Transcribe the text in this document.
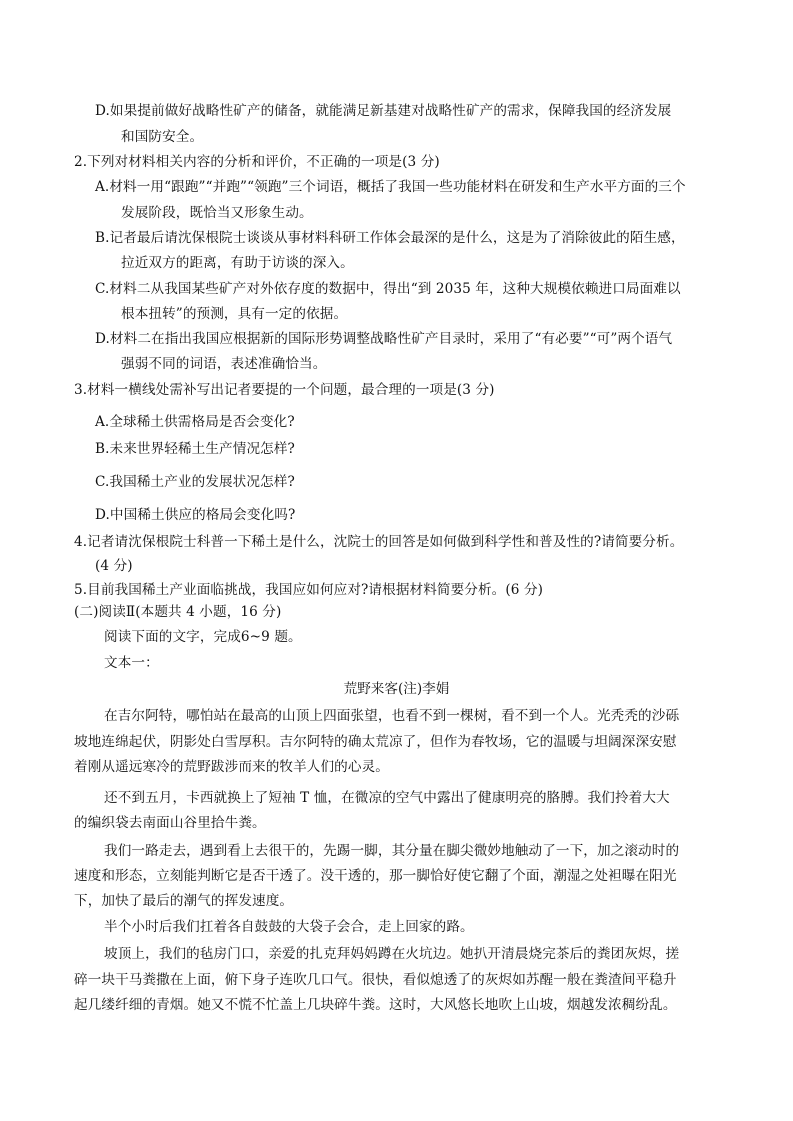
D.如果提前做好战略性矿产的储备，就能满足新基建对战略性矿产的需求，保障我国的经济发展
和国防安全。
2.下列对材料相关内容的分析和评价，不正确的一项是(3 分)
A.材料一用“跟跑”“并跑”“领跑”三个词语，概括了我国一些功能材料在研发和生产水平方面的三个
发展阶段，既恰当又形象生动。
B.记者最后请沈保根院士谈谈从事材料科研工作体会最深的是什么，这是为了消除彼此的陌生感，
拉近双方的距离，有助于访谈的深入。
C.材料二从我国某些矿产对外依存度的数据中，得出“到 2035 年，这种大规模依赖进口局面难以
根本扭转”的预测，具有一定的依据。
D.材料二在指出我国应根据新的国际形势调整战略性矿产目录时，采用了“有必要”“可”两个语气
强弱不同的词语，表述准确恰当。
3.材料一横线处需补写出记者要提的一个问题，最合理的一项是(3 分)
A.全球稀土供需格局是否会变化?
B.未来世界轻稀土生产情况怎样?
C.我国稀土产业的发展状况怎样?
D.中国稀土供应的格局会变化吗?
4.记者请沈保根院士科普一下稀土是什么，沈院士的回答是如何做到科学性和普及性的?请简要分析。
(4 分)
5.目前我国稀土产业面临挑战，我国应如何应对?请根据材料简要分析。(6 分)
(二)阅读Ⅱ(本题共 4 小题，16 分)
阅读下面的文字，完成6~9 题。
文本一：
荒野来客(注)李娟
在吉尔阿特，哪怕站在最高的山顶上四面张望，也看不到一棵树，看不到一个人。光秃秃的沙砾
坡地连绵起伏，阴影处白雪厚积。吉尔阿特的确太荒凉了，但作为春牧场，它的温暖与坦阔深深安慰
着刚从遥远寒冷的荒野跋涉而来的牧羊人们的心灵。
还不到五月，卡西就换上了短袖 T 恤，在微凉的空气中露出了健康明亮的胳膊。我们拎着大大
的编织袋去南面山谷里拾牛粪。
我们一路走去，遇到看上去很干的，先踢一脚，其分量在脚尖微妙地触动了一下，加之滚动时的
速度和形态，立刻能判断它是否干透了。没干透的，那一脚恰好使它翻了个面，潮湿之处袒曝在阳光
下，加快了最后的潮气的挥发速度。
半个小时后我们扛着各自鼓鼓的大袋子会合，走上回家的路。
坡顶上，我们的毡房门口，亲爱的扎克拜妈妈蹲在火坑边。她扒开清晨烧完茶后的粪团灰烬，搓
碎一块干马粪撒在上面，俯下身子连吹几口气。很快，看似熄透了的灰烬如苏醒一般在粪渣间平稳升
起几缕纤细的青烟。她又不慌不忙盖上几块碎牛粪。这时，大风悠长地吹上山坡，烟越发浓稠纷乱。
